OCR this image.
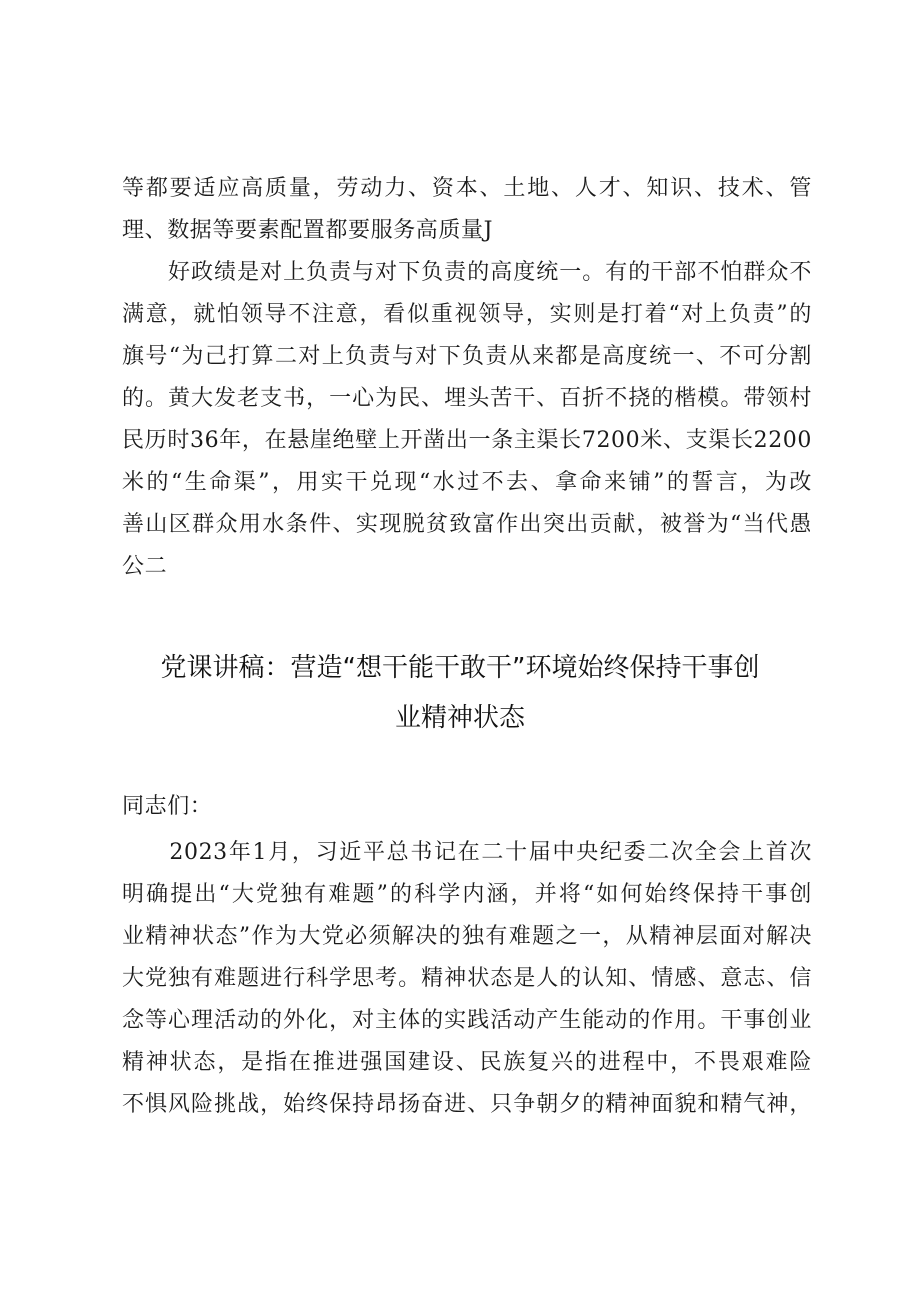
等都要适应高质量，劳动力、资本、土地、人才、知识、技术、管
理、数据等要素配置都要服务高质量J
　　好政绩是对上负责与对下负责的高度统一。有的干部不怕群众不
满意，就怕领导不注意，看似重视领导，实则是打着“对上负责”的
旗号“为己打算二对上负责与对下负责从来都是高度统一、不可分割
的。黄大发老支书，一心为民、埋头苦干、百折不挠的楷模。带领村
民历时36年，在悬崖绝壁上开凿出一条主渠长7200米、支渠长2200
米的“生命渠”，用实干兑现“水过不去、拿命来铺”的誓言，为改
善山区群众用水条件、实现脱贫致富作出突出贡献，被誉为“当代愚
公二
党课讲稿：营造“想干能干敢干”环境始终保持干事创
业精神状态
同志们：
　　2023年1月，习近平总书记在二十届中央纪委二次全会上首次
明确提出“大党独有难题”的科学内涵，并将“如何始终保持干事创
业精神状态”作为大党必须解决的独有难题之一，从精神层面对解决
大党独有难题进行科学思考。精神状态是人的认知、情感、意志、信
念等心理活动的外化，对主体的实践活动产生能动的作用。干事创业
精神状态，是指在推进强国建设、民族复兴的进程中，不畏艰难险
不惧风险挑战，始终保持昂扬奋进、只争朝夕的精神面貌和精气神，
